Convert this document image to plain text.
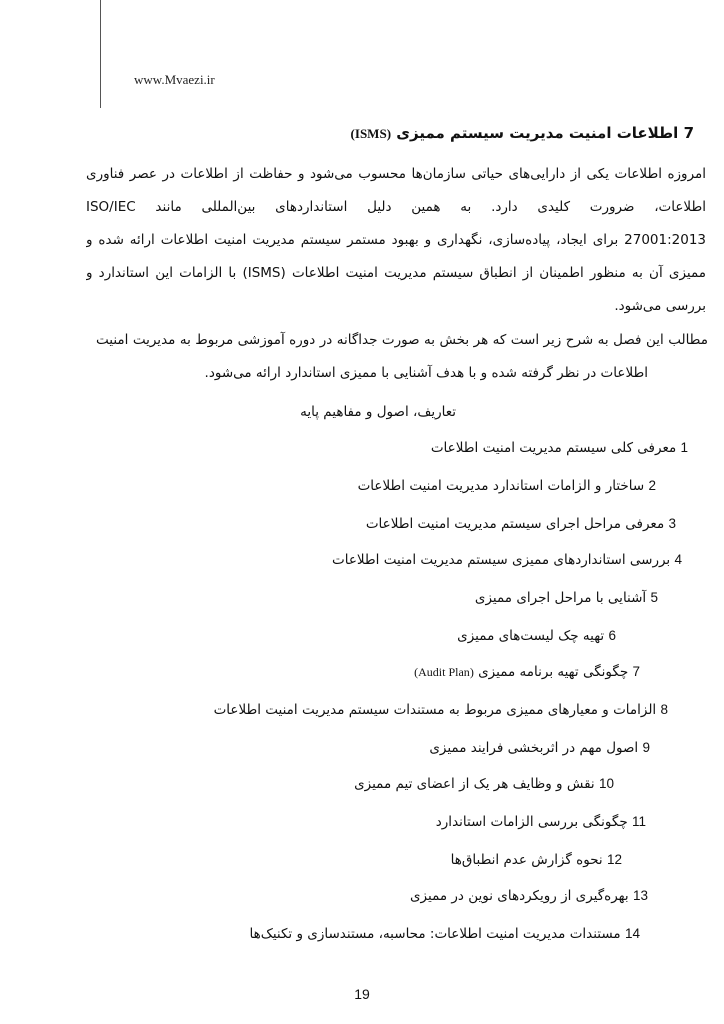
www.Mvaezi.ir
7 اطلاعات امنیت مدیریت سیستم ممیزی (ISMS)
امروزه اطلاعات یکی از دارایی‌های حیاتی سازمان‌ها محسوب می‌شود و حفاظت از اطلاعات در عصر فناوری
اطلاعات، ضرورت کلیدی دارد. به همین دلیل استانداردهای بین‌المللی مانند ISO/IEC
27001:2013 برای ایجاد، پیاده‌سازی، نگهداری و بهبود مستمر سیستم مدیریت امنیت اطلاعات ارائه شده و
ممیزی آن به منظور اطمینان از انطباق سیستم مدیریت امنیت اطلاعات (ISMS) با الزامات این استاندارد و
بررسی می‌شود.
مطالب این فصل به شرح زیر است که هر بخش به صورت جداگانه در دوره آموزشی مربوط به مدیریت امنیت
اطلاعات در نظر گرفته شده و با هدف آشنایی با ممیزی استاندارد ارائه می‌شود.
تعاریف، اصول و مفاهیم پایه
1 معرفی کلی سیستم مدیریت امنیت اطلاعات
2 ساختار و الزامات استاندارد مدیریت امنیت اطلاعات
3 معرفی مراحل اجرای سیستم مدیریت امنیت اطلاعات
4 بررسی استانداردهای ممیزی سیستم مدیریت امنیت اطلاعات
5 آشنایی با مراحل اجرای ممیزی
6 تهیه چک لیست‌های ممیزی
7 چگونگی تهیه برنامه ممیزی (Audit Plan)
8 الزامات و معیارهای ممیزی مربوط به مستندات سیستم مدیریت امنیت اطلاعات
9 اصول مهم در اثربخشی فرایند ممیزی
10 نقش و وظایف هر یک از اعضای تیم ممیزی
11 چگونگی بررسی الزامات استاندارد
12 نحوه گزارش عدم انطباق‌ها
13 بهره‌گیری از رویکردهای نوین در ممیزی
14 مستندات مدیریت امنیت اطلاعات: محاسبه، مستندسازی و تکنیک‌ها
19
